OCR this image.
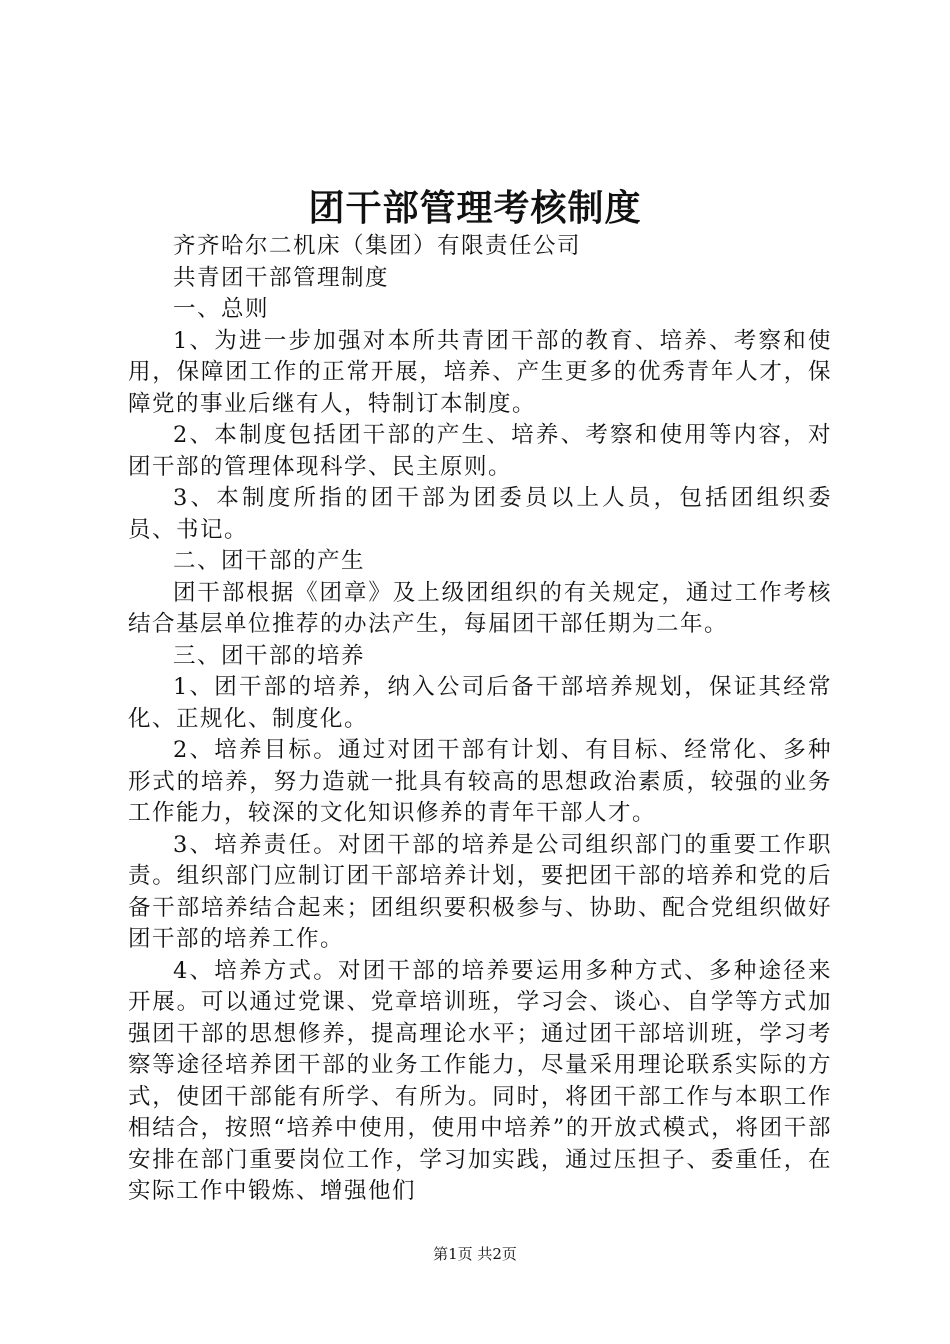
团干部管理考核制度

齐齐哈尔二机床（集团）有限责任公司

共青团干部管理制度

一、总则

1、为进一步加强对本所共青团干部的教育、培养、考察和使用，保障团工作的正常开展，培养、产生更多的优秀青年人才，保障党的事业后继有人，特制订本制度。

2、本制度包括团干部的产生、培养、考察和使用等内容，对团干部的管理体现科学、民主原则。

3、本制度所指的团干部为团委员以上人员，包括团组织委员、书记。

二、团干部的产生

团干部根据《团章》及上级团组织的有关规定，通过工作考核结合基层单位推荐的办法产生，每届团干部任期为二年。

三、团干部的培养

1、团干部的培养，纳入公司后备干部培养规划，保证其经常化、正规化、制度化。

2、培养目标。通过对团干部有计划、有目标、经常化、多种形式的培养，努力造就一批具有较高的思想政治素质，较强的业务工作能力，较深的文化知识修养的青年干部人才。

3、培养责任。对团干部的培养是公司组织部门的重要工作职责。组织部门应制订团干部培养计划，要把团干部的培养和党的后备干部培养结合起来；团组织要积极参与、协助、配合党组织做好团干部的培养工作。

4、培养方式。对团干部的培养要运用多种方式、多种途径来开展。可以通过党课、党章培训班，学习会、谈心、自学等方式加强团干部的思想修养，提高理论水平；通过团干部培训班，学习考察等途径培养团干部的业务工作能力，尽量采用理论联系实际的方式，使团干部能有所学、有所为。同时，将团干部工作与本职工作相结合，按照“培养中使用，使用中培养”的开放式模式，将团干部安排在部门重要岗位工作，学习加实践，通过压担子、委重任，在实际工作中锻炼、增强他们

第1页 共2页
